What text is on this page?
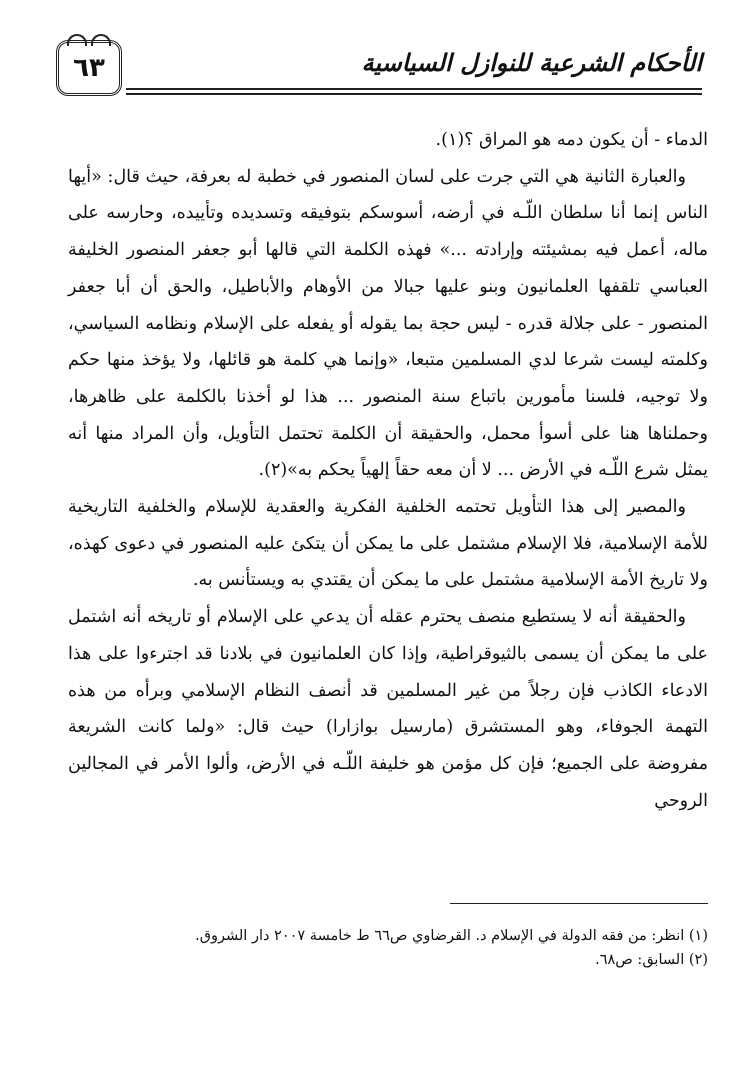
٦٣	الأحكام الشرعية للنوازل السياسية

الدماء - أن يكون دمه هو المراق ؟(١).

والعبارة الثانية هي التي جرت على لسان المنصور في خطبة له بعرفة، حيث قال: «أيها الناس إنما أنا سلطان اللّـه في أرضه، أسوسكم بتوفيقه وتسديده وتأييده، وحارسه على ماله، أعمل فيه بمشيئته وإرادته ...» فهذه الكلمة التي قالها أبو جعفر المنصور الخليفة العباسي تلقفها العلمانيون وبنو عليها جبالا من الأوهام والأباطيل، والحق أن أبا جعفر المنصور - على جلالة قدره - ليس حجة بما يقوله أو يفعله على الإسلام ونظامه السياسي، وكلمته ليست شرعا لدي المسلمين متبعا، «وإنما هي كلمة هو قائلها، ولا يؤخذ منها حكم ولا توجيه، فلسنا مأمورين باتباع سنة المنصور ... هذا لو أخذنا بالكلمة على ظاهرها، وحملناها هنا على أسوأ محمل، والحقيقة أن الكلمة تحتمل التأويل، وأن المراد منها أنه يمثل شرع اللّـه في الأرض ... لا أن معه حقاً إلهياً يحكم به»(٢).

والمصير إلى هذا التأويل تحتمه الخلفية الفكرية والعقدية للإسلام والخلفية التاريخية للأمة الإسلامية، فلا الإسلام مشتمل على ما يمكن أن يتكئ عليه المنصور في دعوى كهذه، ولا تاريخ الأمة الإسلامية مشتمل على ما يمكن أن يقتدي به ويستأنس به.

والحقيقة أنه لا يستطيع منصف يحترم عقله أن يدعي على الإسلام أو تاريخه أنه اشتمل على ما يمكن أن يسمى بالثيوقراطية، وإذا كان العلمانيون في بلادنا قد اجترءوا على هذا الادعاء الكاذب فإن رجلاً من غير المسلمين قد أنصف النظام الإسلامي وبرأه من هذه التهمة الجوفاء، وهو المستشرق (مارسيل بوازارا) حيث قال: «ولما كانت الشريعة مفروضة على الجميع؛ فإن كل مؤمن هو خليفة اللّـه في الأرض، وألوا الأمر في المجالين الروحي

(١) انظر: من فقه الدولة في الإسلام د. القرضاوي ص٦٦ ط خامسة ٢٠٠٧ دار الشروق.

(٢) السابق: ص٦٨.
